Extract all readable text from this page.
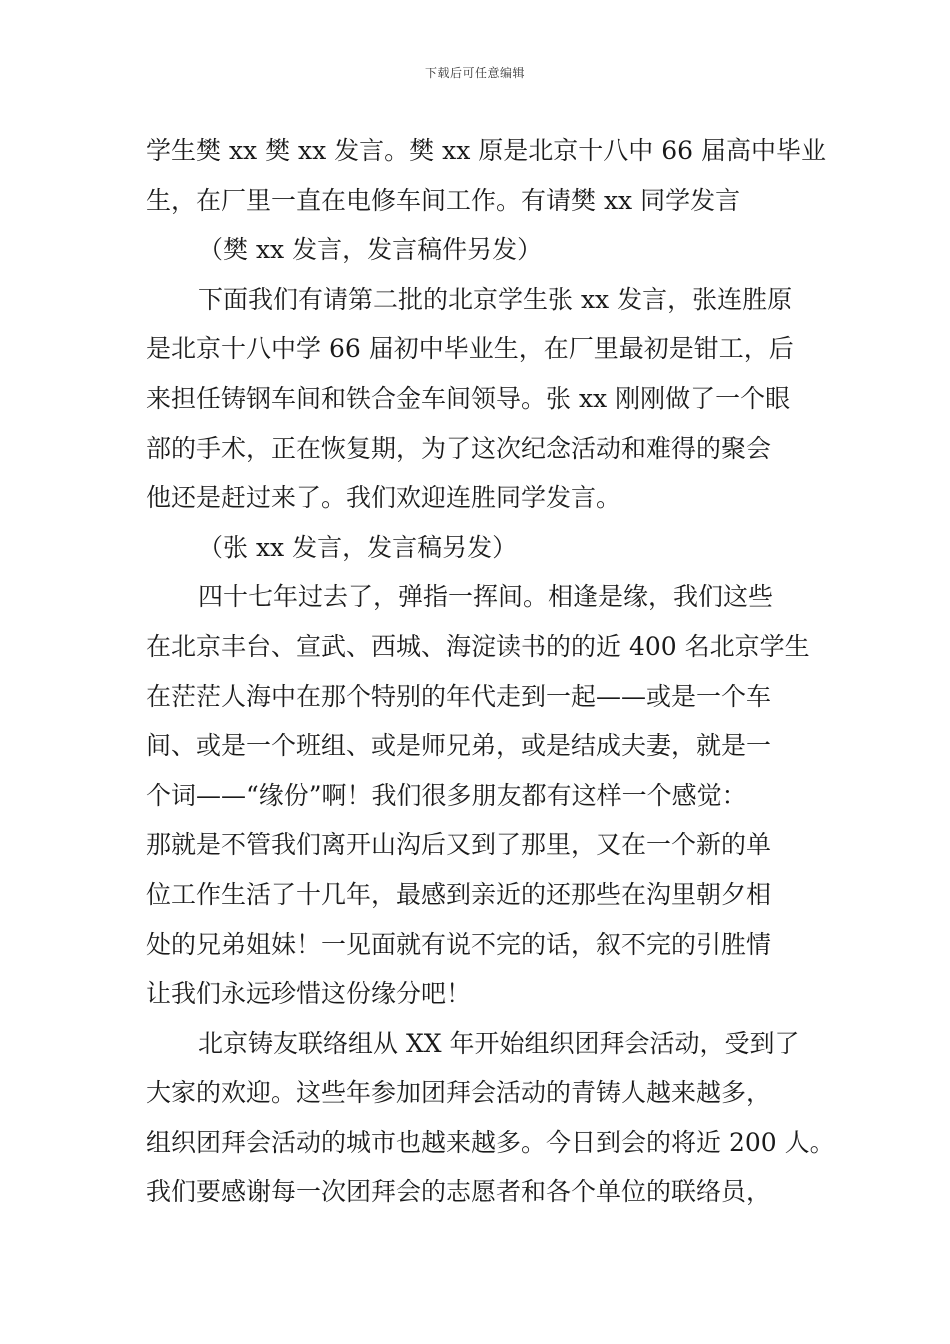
下载后可任意编辑
学生樊 xx 樊 xx 发言。樊 xx 原是北京十八中 66 届高中毕业
生，在厂里一直在电修车间工作。有请樊 xx 同学发言
（樊 xx 发言，发言稿件另发）
下面我们有请第二批的北京学生张 xx 发言，张连胜原
是北京十八中学 66 届初中毕业生，在厂里最初是钳工，后
来担任铸钢车间和铁合金车间领导。张 xx 刚刚做了一个眼
部的手术，正在恢复期，为了这次纪念活动和难得的聚会
他还是赶过来了。我们欢迎连胜同学发言。
（张 xx 发言，发言稿另发）
四十七年过去了，弹指一挥间。相逢是缘，我们这些
在北京丰台、宣武、西城、海淀读书的的近 400 名北京学生
在茫茫人海中在那个特别的年代走到一起——或是一个车
间、或是一个班组、或是师兄弟，或是结成夫妻，就是一
个词——“缘份”啊！我们很多朋友都有这样一个感觉：
那就是不管我们离开山沟后又到了那里，又在一个新的单
位工作生活了十几年，最感到亲近的还那些在沟里朝夕相
处的兄弟姐妹！一见面就有说不完的话，叙不完的引胜情
让我们永远珍惜这份缘分吧！
北京铸友联络组从 XX 年开始组织团拜会活动，受到了
大家的欢迎。这些年参加团拜会活动的青铸人越来越多，
组织团拜会活动的城市也越来越多。今日到会的将近 200 人。
我们要感谢每一次团拜会的志愿者和各个单位的联络员，
